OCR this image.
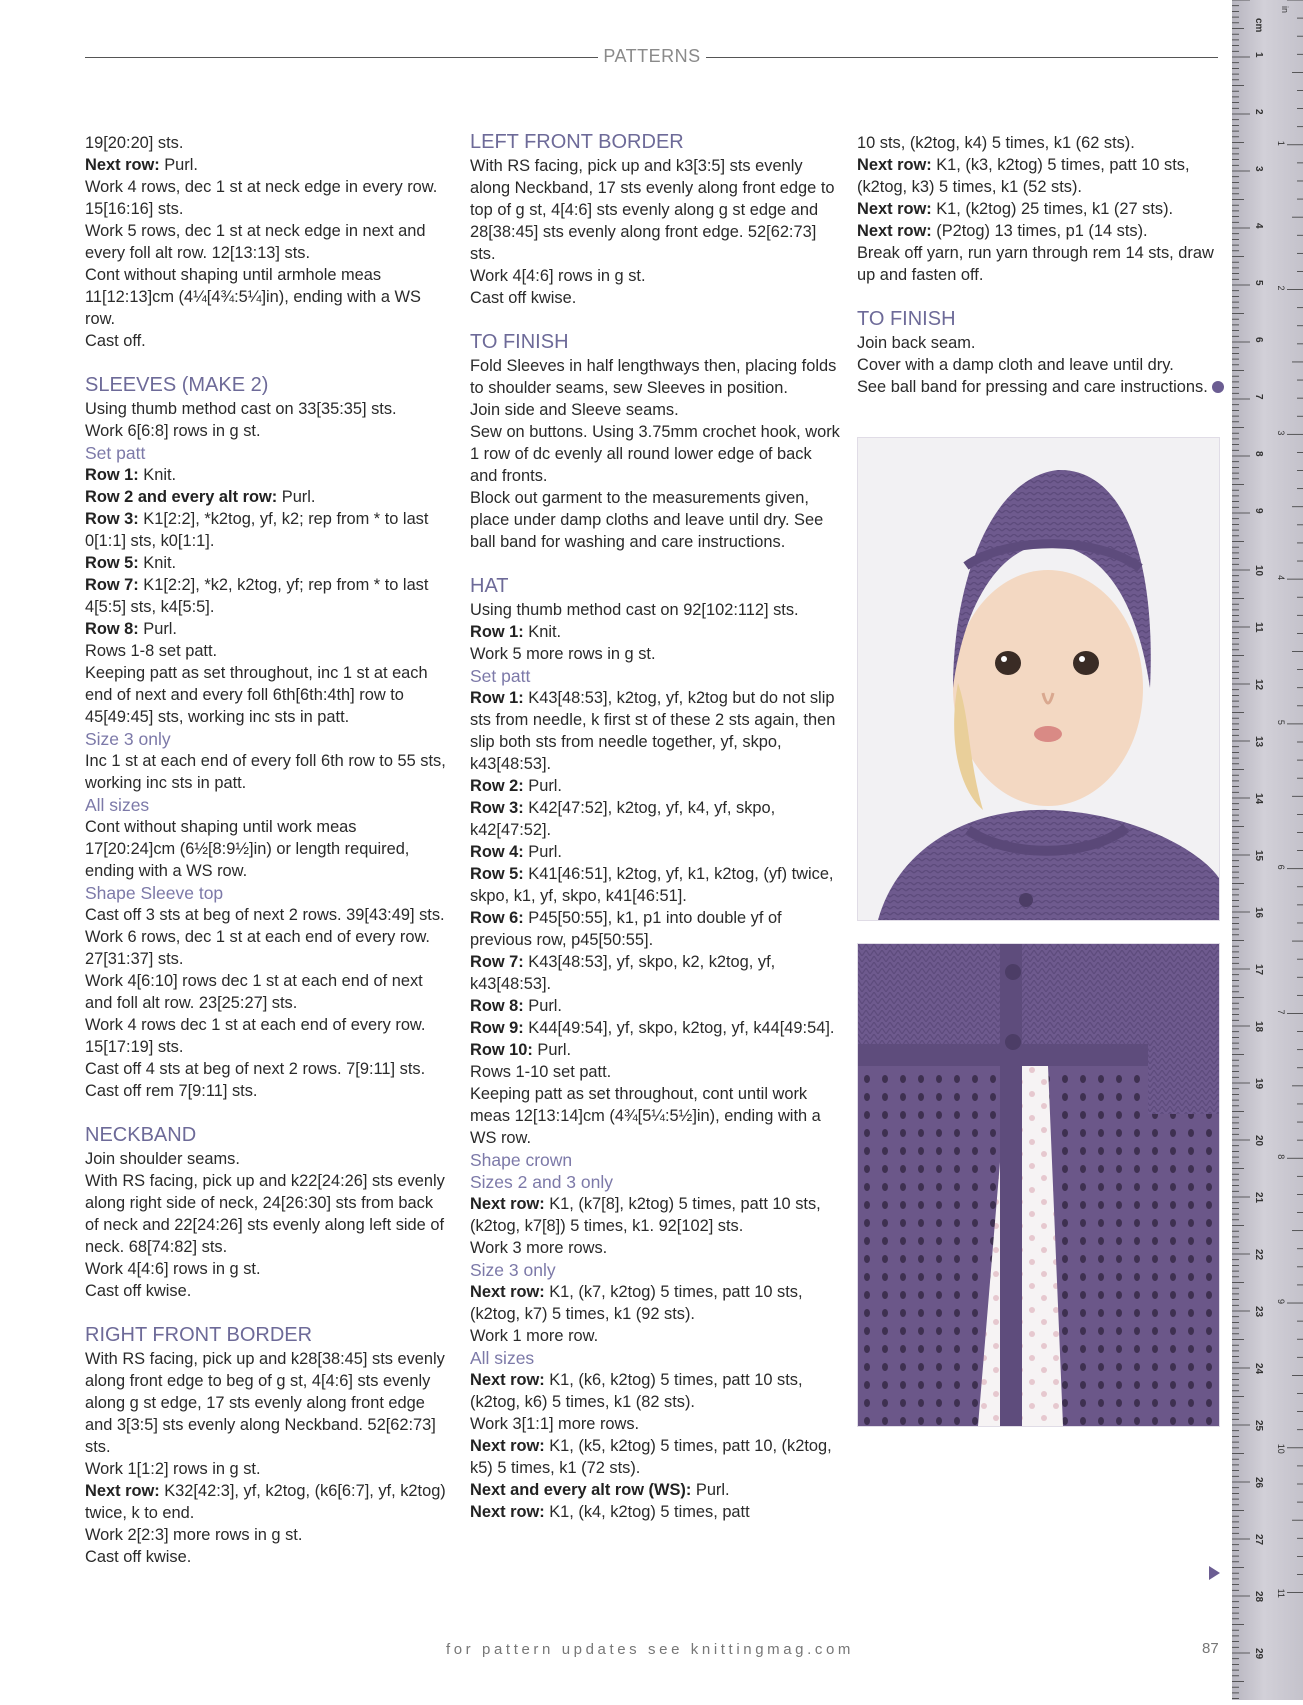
PATTERNS

19[20:20] sts.

Next row: Purl.

Work 4 rows, dec 1 st at neck edge in every row. 15[16:16] sts.

Work 5 rows, dec 1 st at neck edge in next and every foll alt row. 12[13:13] sts.

Cont without shaping until armhole meas 11[12:13]cm (4¼[4¾:5¼]in), ending with a WS row.

Cast off.

SLEEVES (MAKE 2)

Using thumb method cast on 33[35:35] sts.

Work 6[6:8] rows in g st.

Set patt

Row 1: Knit.

Row 2 and every alt row: Purl.

Row 3: K1[2:2], *k2tog, yf, k2; rep from * to last 0[1:1] sts, k0[1:1].

Row 5: Knit.

Row 7: K1[2:2], *k2, k2tog, yf; rep from * to last 4[5:5] sts, k4[5:5].

Row 8: Purl.

Rows 1-8 set patt.

Keeping patt as set throughout, inc 1 st at each end of next and every foll 6th[6th:4th] row to 45[49:45] sts, working inc sts in patt.

Size 3 only

Inc 1 st at each end of every foll 6th row to 55 sts, working inc sts in patt.

All sizes

Cont without shaping until work meas 17[20:24]cm (6½[8:9½]in) or length required, ending with a WS row.

Shape Sleeve top

Cast off 3 sts at beg of next 2 rows. 39[43:49] sts.

Work 6 rows, dec 1 st at each end of every row. 27[31:37] sts.

Work 4[6:10] rows dec 1 st at each end of next and foll alt row. 23[25:27] sts.

Work 4 rows dec 1 st at each end of every row. 15[17:19] sts.

Cast off 4 sts at beg of next 2 rows. 7[9:11] sts.

Cast off rem 7[9:11] sts.

NECKBAND

Join shoulder seams.

With RS facing, pick up and k22[24:26] sts evenly along right side of neck, 24[26:30] sts from back of neck and 22[24:26] sts evenly along left side of neck. 68[74:82] sts.

Work 4[4:6] rows in g st.

Cast off kwise.

RIGHT FRONT BORDER

With RS facing, pick up and k28[38:45] sts evenly along front edge to beg of g st, 4[4:6] sts evenly along g st edge, 17 sts evenly along front edge and 3[3:5] sts evenly along Neckband. 52[62:73] sts.

Work 1[1:2] rows in g st.

Next row: K32[42:3], yf, k2tog, (k6[6:7], yf, k2tog) twice, k to end.

Work 2[2:3] more rows in g st.

Cast off kwise.

LEFT FRONT BORDER

With RS facing, pick up and k3[3:5] sts evenly along Neckband, 17 sts evenly along front edge to top of g st, 4[4:6] sts evenly along g st edge and 28[38:45] sts evenly along front edge. 52[62:73] sts.

Work 4[4:6] rows in g st.

Cast off kwise.

TO FINISH

Fold Sleeves in half lengthways then, placing folds to shoulder seams, sew Sleeves in position.

Join side and Sleeve seams.

Sew on buttons. Using 3.75mm crochet hook, work 1 row of dc evenly all round lower edge of back and fronts.

Block out garment to the measurements given, place under damp cloths and leave until dry. See ball band for washing and care instructions.

HAT

Using thumb method cast on 92[102:112] sts.

Row 1: Knit.

Work 5 more rows in g st.

Set patt

Row 1: K43[48:53], k2tog, yf, k2tog but do not slip sts from needle, k first st of these 2 sts again, then slip both sts from needle together, yf, skpo, k43[48:53].

Row 2: Purl.

Row 3: K42[47:52], k2tog, yf, k4, yf, skpo, k42[47:52].

Row 4: Purl.

Row 5: K41[46:51], k2tog, yf, k1, k2tog, (yf) twice, skpo, k1, yf, skpo, k41[46:51].

Row 6: P45[50:55], k1, p1 into double yf of previous row, p45[50:55].

Row 7: K43[48:53], yf, skpo, k2, k2tog, yf, k43[48:53].

Row 8: Purl.

Row 9: K44[49:54], yf, skpo, k2tog, yf, k44[49:54].

Row 10: Purl.

Rows 1-10 set patt.

Keeping patt as set throughout, cont until work meas 12[13:14]cm (4¾[5¼:5½]in), ending with a WS row.

Shape crown

Sizes 2 and 3 only

Next row: K1, (k7[8], k2tog) 5 times, patt 10 sts, (k2tog, k7[8]) 5 times, k1. 92[102] sts.

Work 3 more rows.

Size 3 only

Next row: K1, (k7, k2tog) 5 times, patt 10 sts, (k2tog, k7) 5 times, k1 (92 sts).

Work 1 more row.

All sizes

Next row: K1, (k6, k2tog) 5 times, patt 10 sts, (k2tog, k6) 5 times, k1 (82 sts).

Work 3[1:1] more rows.

Next row: K1, (k5, k2tog) 5 times, patt 10, (k2tog, k5) 5 times, k1 (72 sts).

Next and every alt row (WS): Purl.

Next row: K1, (k4, k2tog) 5 times, patt

10 sts, (k2tog, k4) 5 times, k1 (62 sts).

Next row: K1, (k3, k2tog) 5 times, patt 10 sts, (k2tog, k3) 5 times, k1 (52 sts).

Next row: K1, (k2tog) 25 times, k1 (27 sts).

Next row: (P2tog) 13 times, p1 (14 sts).

Break off yarn, run yarn through rem 14 sts, draw up and fasten off.

TO FINISH

Join back seam.

Cover with a damp cloth and leave until dry.

See ball band for pressing and care instructions.

for pattern updates see knittingmag.com	87
1
2
3
4
5
6
7
8
9
10
11
12
13
14
15
16
17
18
19
20
21
22
23
24
25
26
27
28
29
1
2
3
4
5
6
7
8
9
10
11
cm
in
